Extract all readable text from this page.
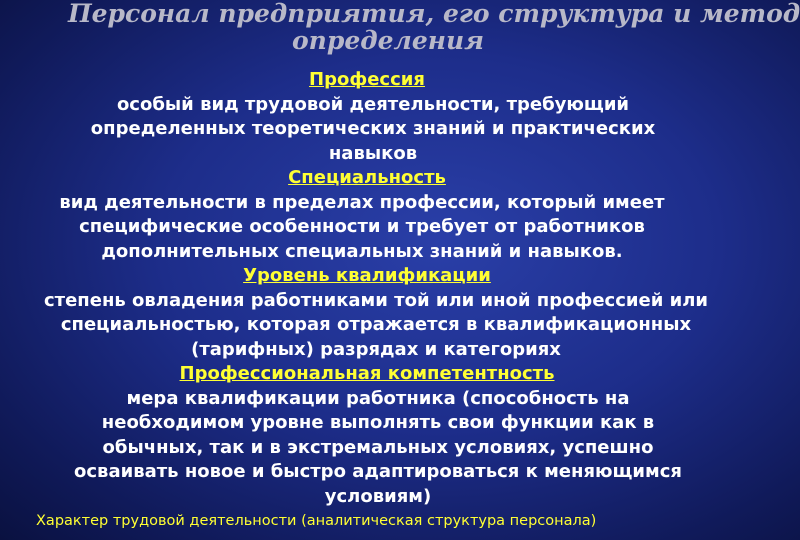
Персонал предприятия, его структура и метод
определения

Профессия

особый вид трудовой деятельности, требующий определенных теоретических знаний и практических навыков

Специальность

вид деятельности в пределах профессии, который имеет специфические особенности и требует от работников дополнительных специальных знаний и навыков.

Уровень квалификации

степень овладения работниками той или иной профессией или специальностью, которая отражается в квалификационных (тарифных) разрядах и категориях

Профессиональная компетентность

мера квалификации работника (способность на необходимом уровне выполнять свои функции как в обычных, так и в экстремальных условиях, успешно осваивать новое и быстро адаптироваться к меняющимся условиям)

Характер трудовой деятельности (аналитическая структура персонала)
